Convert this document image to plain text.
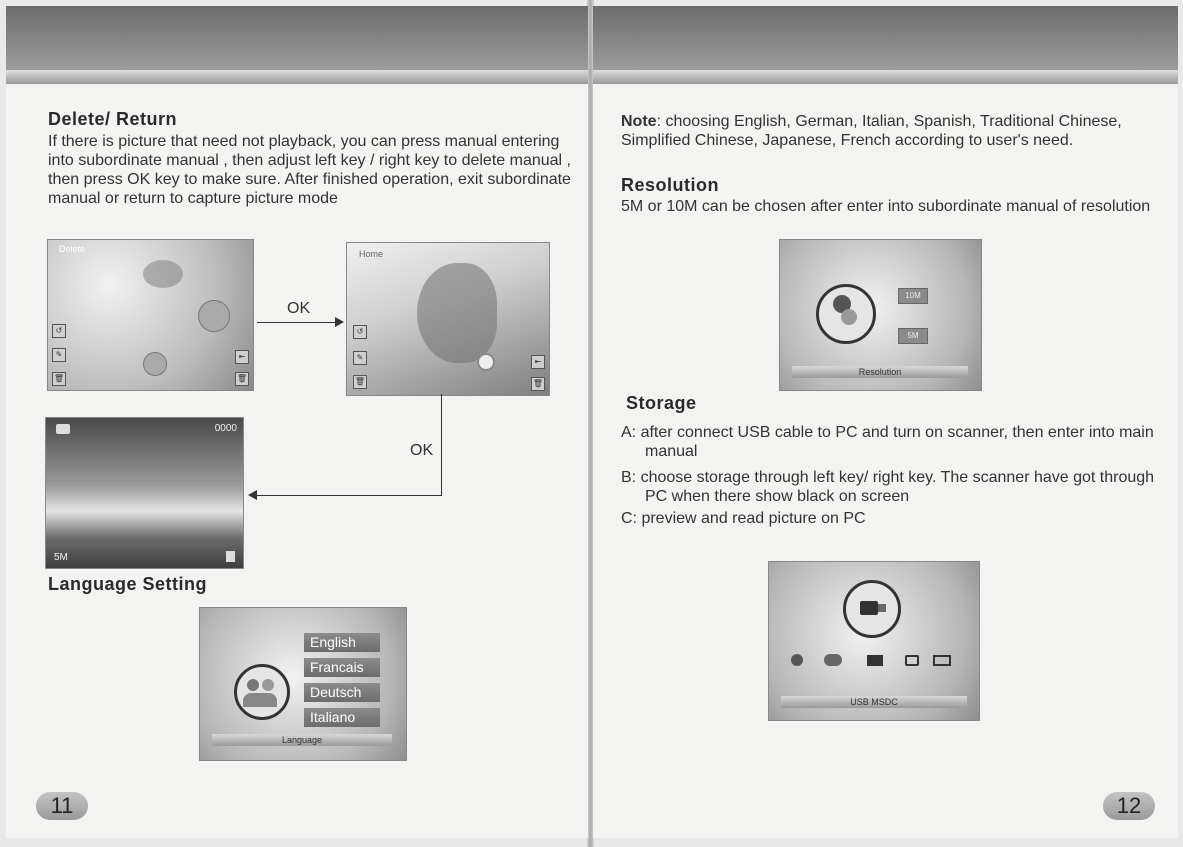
Delete/ Return

If there is picture that need not playback, you can press manual entering into subordinate manual , then adjust left key / right key to delete manual , then press OK key to make sure. After finished operation, exit subordinate manual or return to capture picture mode

Delete
↺
✎
🗑
⇤
🗑
OK
Home
↺
✎
🗑
⇤
🗑
OK
0000
5M
Language Setting
English
Francais
Deutsch
Italiano
Language
11

Note: choosing English, German, Italian, Spanish, Traditional Chinese, Simplified Chinese, Japanese, French according to user's need.

Resolution

5M or 10M can be chosen after enter into subordinate manual of resolution

10M
5M
Resolution
Storage

A: after connect USB cable to PC and turn on scanner, then enter into main manual

B: choose storage through left key/ right key. The scanner have got through PC when there show black on screen

C: preview and read picture on PC

USB MSDC
12
